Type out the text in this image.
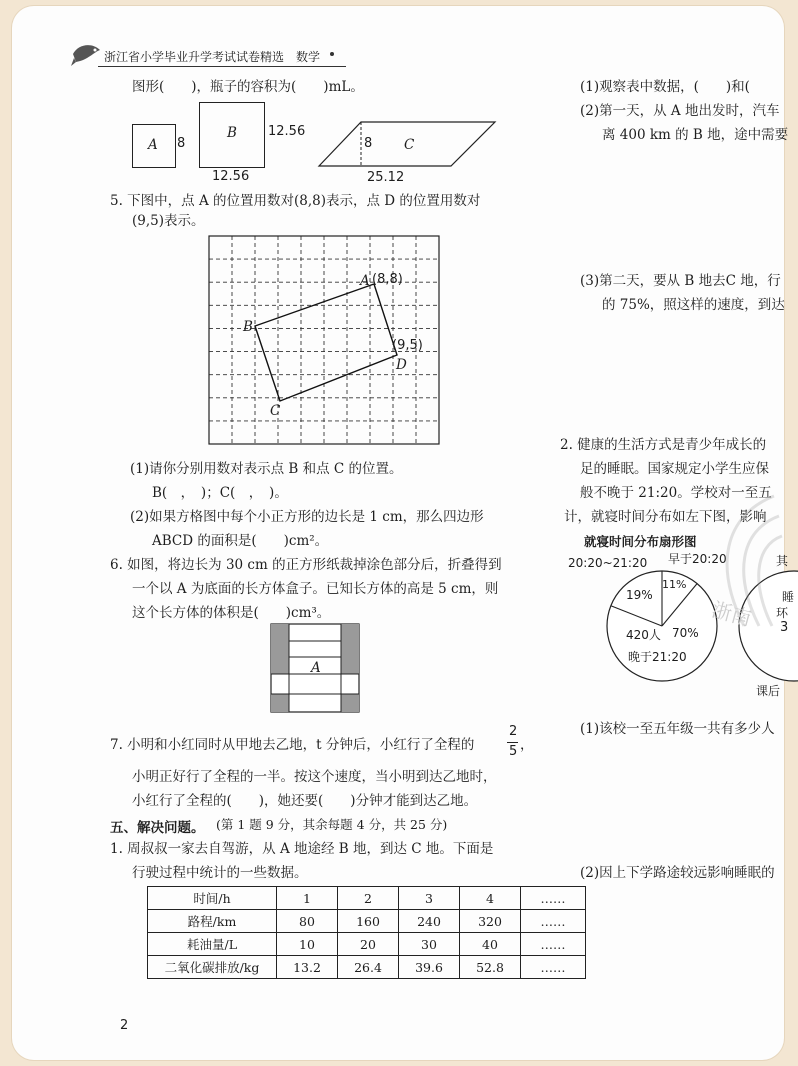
浙江省小学毕业升学考试试卷精选 数学
图形(　　)，瓶子的容积为(　　)mL。
A 8
B 12.56
12.56
8 C
25.12
5. 下图中，点 A 的位置用数对(8,8)表示，点 D 的位置用数对
(9,5)表示。
A (8,8)
B
C
D
(9,5)
(1)请你分别用数对表示点 B 和点 C 的位置。
B(　，　)；C(　，　)。
(2)如果方格图中每个小正方形的边长是 1 cm，那么四边形
ABCD 的面积是(　　)cm²。
6. 如图，将边长为 30 cm 的正方形纸裁掉涂色部分后，折叠得到
一个以 A 为底面的长方体盒子。已知长方体的高是 5 cm，则
这个长方体的体积是(　　)cm³。
A
7. 小明和小红同时从甲地去乙地，t 分钟后，小红行了全程的
2
5 ，
小明正好行了全程的一半。按这个速度，当小明到达乙地时，
小红行了全程的(　　)，她还要(　　)分钟才能到达乙地。
五、解决问题。 (第 1 题 9 分，其余每题 4 分，共 25 分)
1. 周叔叔一家去自驾游，从 A 地途经 B 地，到达 C 地。下面是
行驶过程中统计的一些数据。
时间/h	1	2	3	4	……
路程/km	80	160	240	320	……
耗油量/L	10	20	30	40	……
二氧化碳排放/kg	13.2	26.4	39.6	52.8	……
2
(1)观察表中数据，(　　)和(
(2)第一天，从 A 地出发时，汽车
离 400 km 的 B 地，途中需要
(3)第二天，要从 B 地去C 地，行
的 75%，照这样的速度，到达
2. 健康的生活方式是青少年成长的
足的睡眠。国家规定小学生应保
般不晚于 21:20。学校对一至五
计，就寝时间分布如左下图，影响
就寝时间分布扇形图
20:20~21:20 早于20:20
19%
11%
420人 70%
晚于21:20
其
睡
环
3
课后
(1)该校一至五年级一共有多少人
(2)因上下学路途较远影响睡眠的
浙南
